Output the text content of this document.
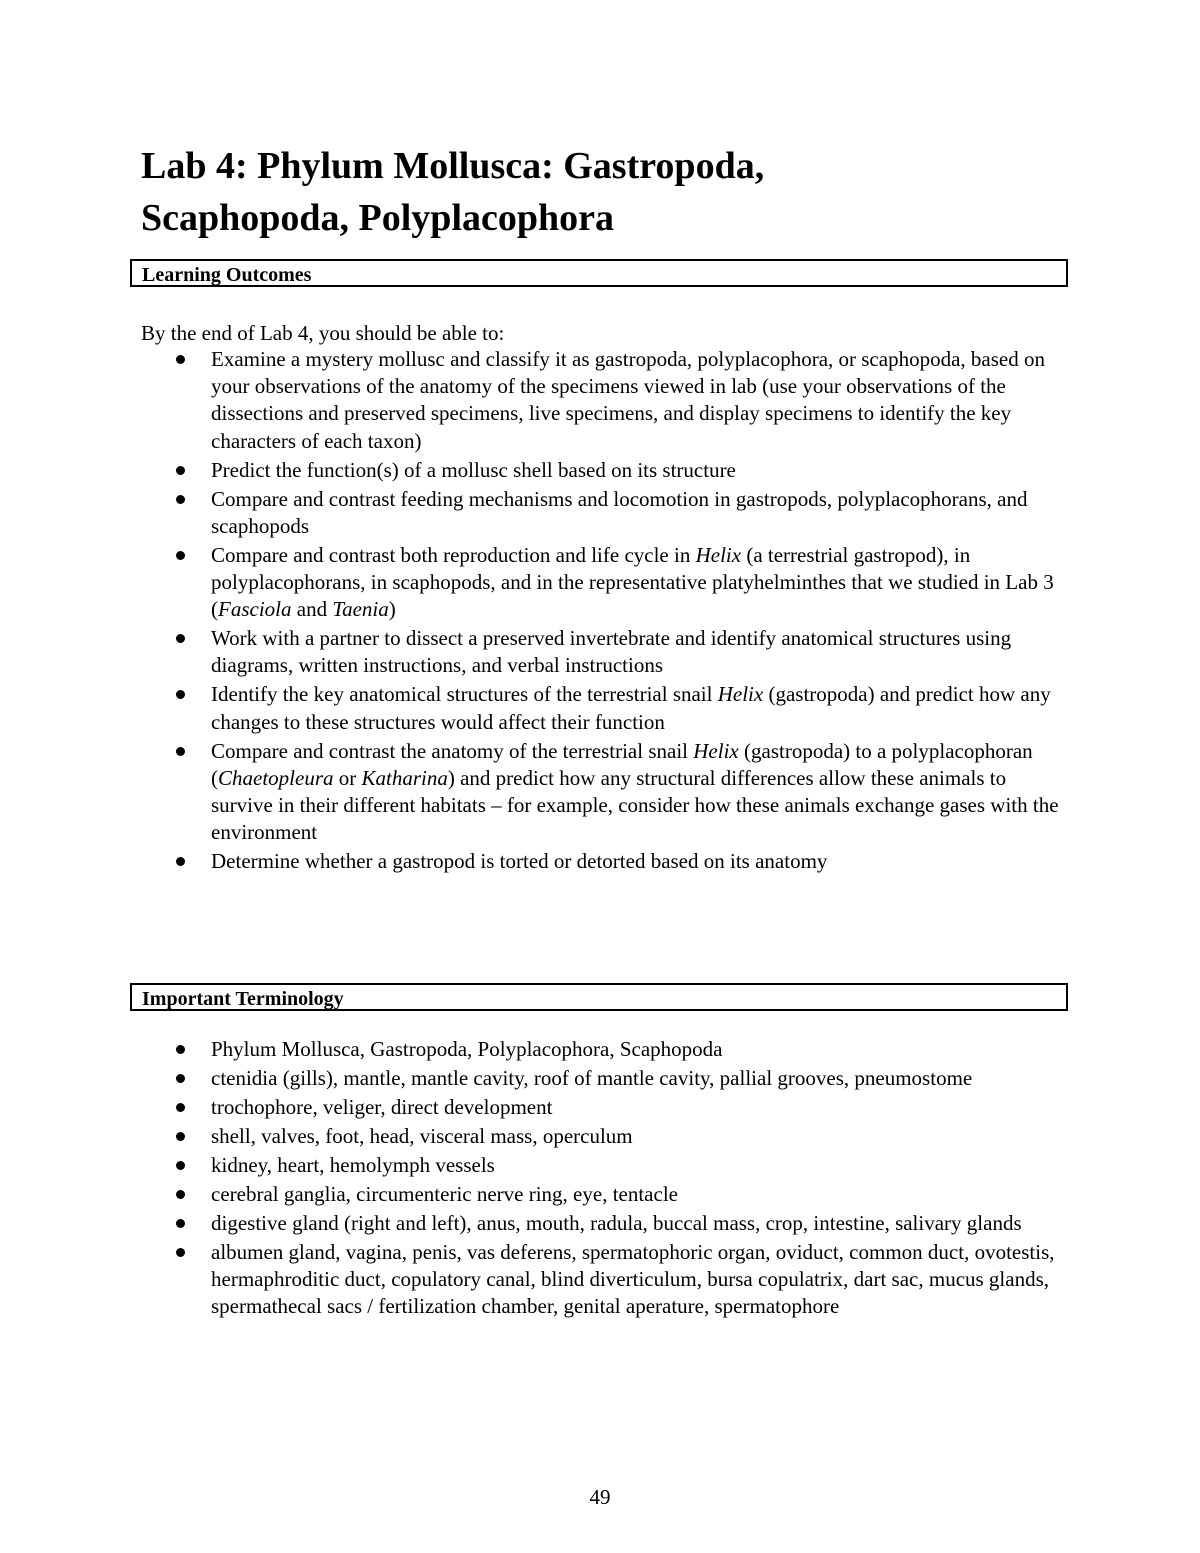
Lab 4: Phylum Mollusca: Gastropoda,
Scaphopoda, Polyplacophora
Learning Outcomes
By the end of Lab 4, you should be able to:
Examine a mystery mollusc and classify it as gastropoda, polyplacophora, or scaphopoda, based on your observations of the anatomy of the specimens viewed in lab (use your observations of the dissections and preserved specimens, live specimens, and display specimens to identify the key characters of each taxon)
Predict the function(s) of a mollusc shell based on its structure
Compare and contrast feeding mechanisms and locomotion in gastropods, polyplacophorans, and scaphopods
Compare and contrast both reproduction and life cycle in Helix (a terrestrial gastropod), in polyplacophorans, in scaphopods, and in the representative platyhelminthes that we studied in Lab 3 (Fasciola and Taenia)
Work with a partner to dissect a preserved invertebrate and identify anatomical structures using diagrams, written instructions, and verbal instructions
Identify the key anatomical structures of the terrestrial snail Helix (gastropoda) and predict how any changes to these structures would affect their function
Compare and contrast the anatomy of the terrestrial snail Helix (gastropoda) to a polyplacophoran (Chaetopleura or Katharina) and predict how any structural differences allow these animals to survive in their different habitats – for example, consider how these animals exchange gases with the environment
Determine whether a gastropod is torted or detorted based on its anatomy
Important Terminology
Phylum Mollusca, Gastropoda, Polyplacophora, Scaphopoda
ctenidia (gills), mantle, mantle cavity, roof of mantle cavity, pallial grooves, pneumostome
trochophore, veliger, direct development
shell, valves, foot, head, visceral mass, operculum
kidney, heart, hemolymph vessels
cerebral ganglia, circumenteric nerve ring, eye, tentacle
digestive gland (right and left), anus, mouth, radula, buccal mass, crop, intestine, salivary glands
albumen gland, vagina, penis, vas deferens, spermatophoric organ, oviduct, common duct, ovotestis, hermaphroditic duct, copulatory canal, blind diverticulum, bursa copulatrix, dart sac, mucus glands, spermathecal sacs / fertilization chamber, genital aperature, spermatophore
49
